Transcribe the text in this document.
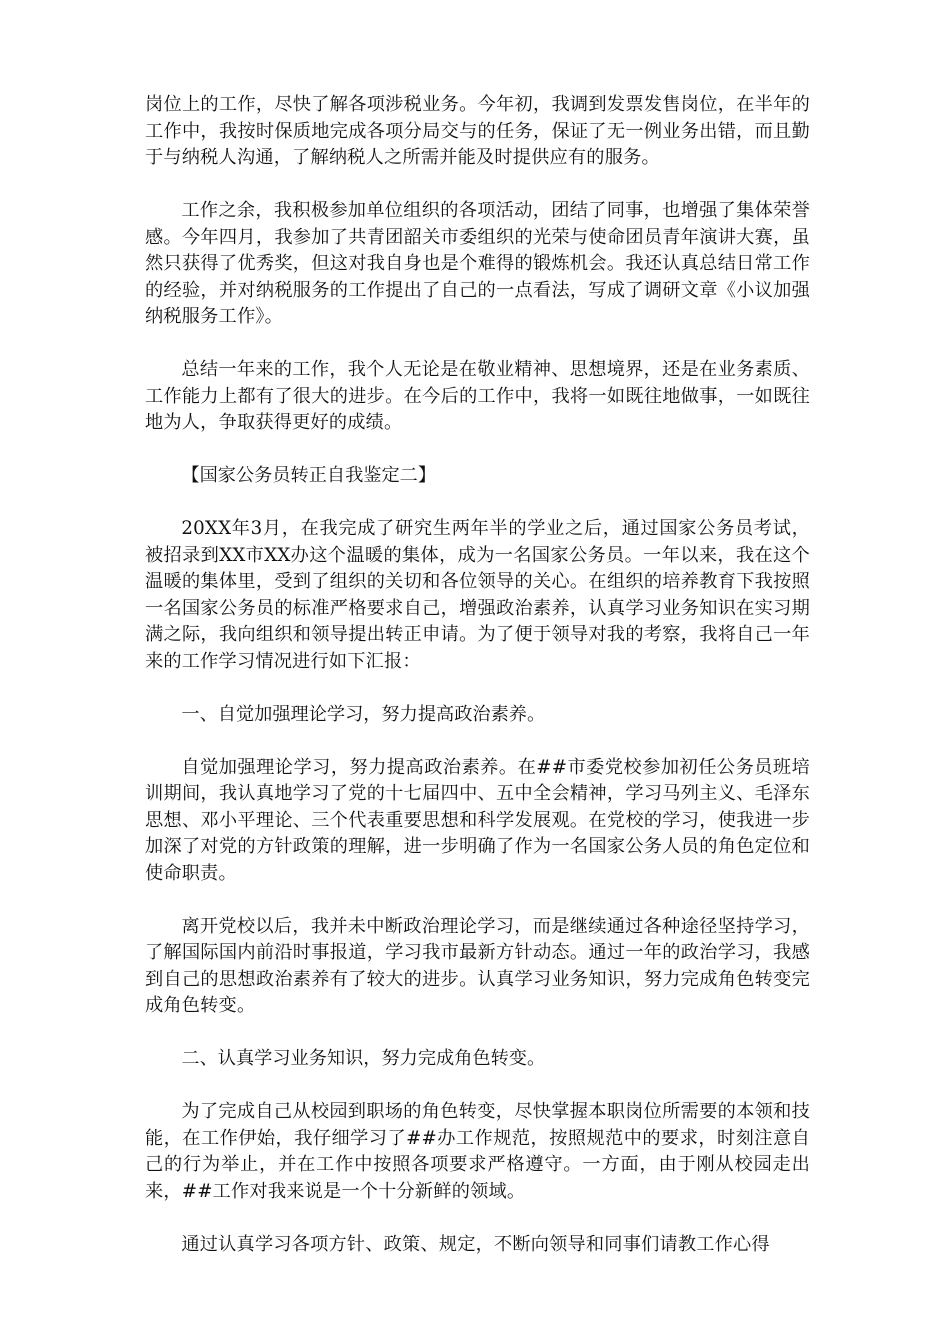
岗位上的工作，尽快了解各项涉税业务。今年初，我调到发票发售岗位，在半年的工作中，我按时保质地完成各项分局交与的任务，保证了无一例业务出错，而且勤于与纳税人沟通，了解纳税人之所需并能及时提供应有的服务。

工作之余，我积极参加单位组织的各项活动，团结了同事，也增强了集体荣誉感。今年四月，我参加了共青团韶关市委组织的光荣与使命团员青年演讲大赛，虽然只获得了优秀奖，但这对我自身也是个难得的锻炼机会。我还认真总结日常工作的经验，并对纳税服务的工作提出了自己的一点看法，写成了调研文章《小议加强纳税服务工作》。

总结一年来的工作，我个人无论是在敬业精神、思想境界，还是在业务素质、工作能力上都有了很大的进步。在今后的工作中，我将一如既往地做事，一如既往地为人，争取获得更好的成绩。

【国家公务员转正自我鉴定二】

20XX年3月，在我完成了研究生两年半的学业之后，通过国家公务员考试，被招录到XX市XX办这个温暖的集体，成为一名国家公务员。一年以来，我在这个温暖的集体里，受到了组织的关切和各位领导的关心。在组织的培养教育下我按照一名国家公务员的标准严格要求自己，增强政治素养，认真学习业务知识在实习期满之际，我向组织和领导提出转正申请。为了便于领导对我的考察，我将自己一年来的工作学习情况进行如下汇报：

一、自觉加强理论学习，努力提高政治素养。

自觉加强理论学习，努力提高政治素养。在##市委党校参加初任公务员班培训期间，我认真地学习了党的十七届四中、五中全会精神，学习马列主义、毛泽东思想、邓小平理论、三个代表重要思想和科学发展观。在党校的学习，使我进一步加深了对党的方针政策的理解，进一步明确了作为一名国家公务人员的角色定位和使命职责。

离开党校以后，我并未中断政治理论学习，而是继续通过各种途径坚持学习，了解国际国内前沿时事报道，学习我市最新方针动态。通过一年的政治学习，我感到自己的思想政治素养有了较大的进步。认真学习业务知识，努力完成角色转变完成角色转变。

二、认真学习业务知识，努力完成角色转变。

为了完成自己从校园到职场的角色转变，尽快掌握本职岗位所需要的本领和技能，在工作伊始，我仔细学习了##办工作规范，按照规范中的要求，时刻注意自己的行为举止，并在工作中按照各项要求严格遵守。一方面，由于刚从校园走出来，##工作对我来说是一个十分新鲜的领域。

通过认真学习各项方针、政策、规定，不断向领导和同事们请教工作心得
